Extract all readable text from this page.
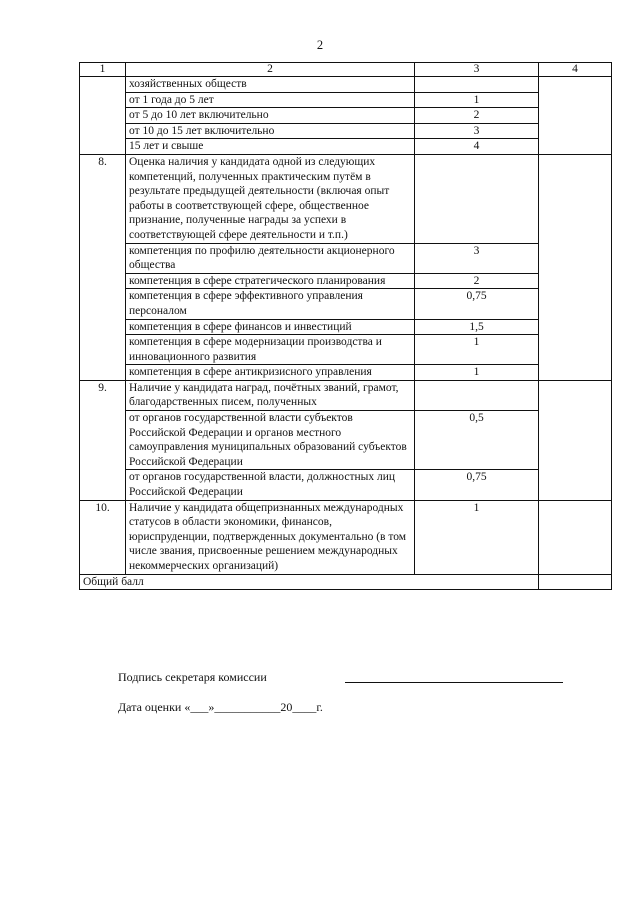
2
1	2	3	4
	хозяйственных обществ		
	от 1 года до 5 лет	1	
	от 5 до 10 лет включительно	2	
	от 10 до 15 лет включительно	3	
	15 лет и свыше	4	
8.	Оценка наличия у кандидата одной из следующих компетенций, полученных практическим путём в результате предыдущей деятельности (включая опыт работы в соответствующей сфере, общественное признание, полученные награды за успехи в соответствующей сфере деятельности и т.п.)		
	компетенция по профилю деятельности акционерного общества	3	
	компетенция в сфере стратегического планирования	2	
	компетенция в сфере эффективного управления персоналом	0,75	
	компетенция в сфере финансов и инвестиций	1,5	
	компетенция в сфере модернизации производства и инновационного развития	1	
	компетенция в сфере антикризисного управления	1	
9.	Наличие у кандидата наград, почётных званий, грамот, благодарственных писем, полученных		
	от органов государственной власти субъектов Российской Федерации и органов местного самоуправления муниципальных образований субъектов Российской Федерации	0,5	
	от органов государственной власти, должностных лиц Российской Федерации	0,75	
10.	Наличие у кандидата общепризнанных международных статусов в области экономики, финансов, юриспруденции, подтвержденных документально (в том числе звания, присвоенные решением международных некоммерческих организаций)	1	
Общий балл			
Подпись секретаря комиссии
Дата оценки «___»___________20____г.
